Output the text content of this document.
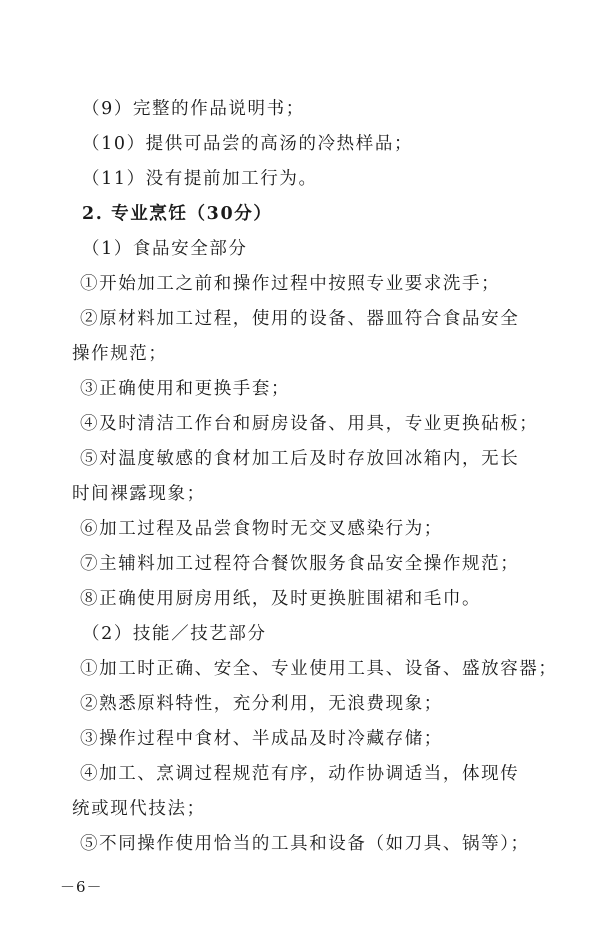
（9）完整的作品说明书；
（10）提供可品尝的高汤的冷热样品；
（11）没有提前加工行为。
2. 专业烹饪（30分）
（1）食品安全部分
①开始加工之前和操作过程中按照专业要求洗手；
②原材料加工过程，使用的设备、器皿符合食品安全
操作规范；
③正确使用和更换手套；
④及时清洁工作台和厨房设备、用具，专业更换砧板；
⑤对温度敏感的食材加工后及时存放回冰箱内，无长
时间裸露现象；
⑥加工过程及品尝食物时无交叉感染行为；
⑦主辅料加工过程符合餐饮服务食品安全操作规范；
⑧正确使用厨房用纸，及时更换脏围裙和毛巾。
（2）技能／技艺部分
①加工时正确、安全、专业使用工具、设备、盛放容器；
②熟悉原料特性，充分利用，无浪费现象；
③操作过程中食材、半成品及时冷藏存储；
④加工、烹调过程规范有序，动作协调适当，体现传
统或现代技法；
⑤不同操作使用恰当的工具和设备（如刀具、锅等）；
－6－
